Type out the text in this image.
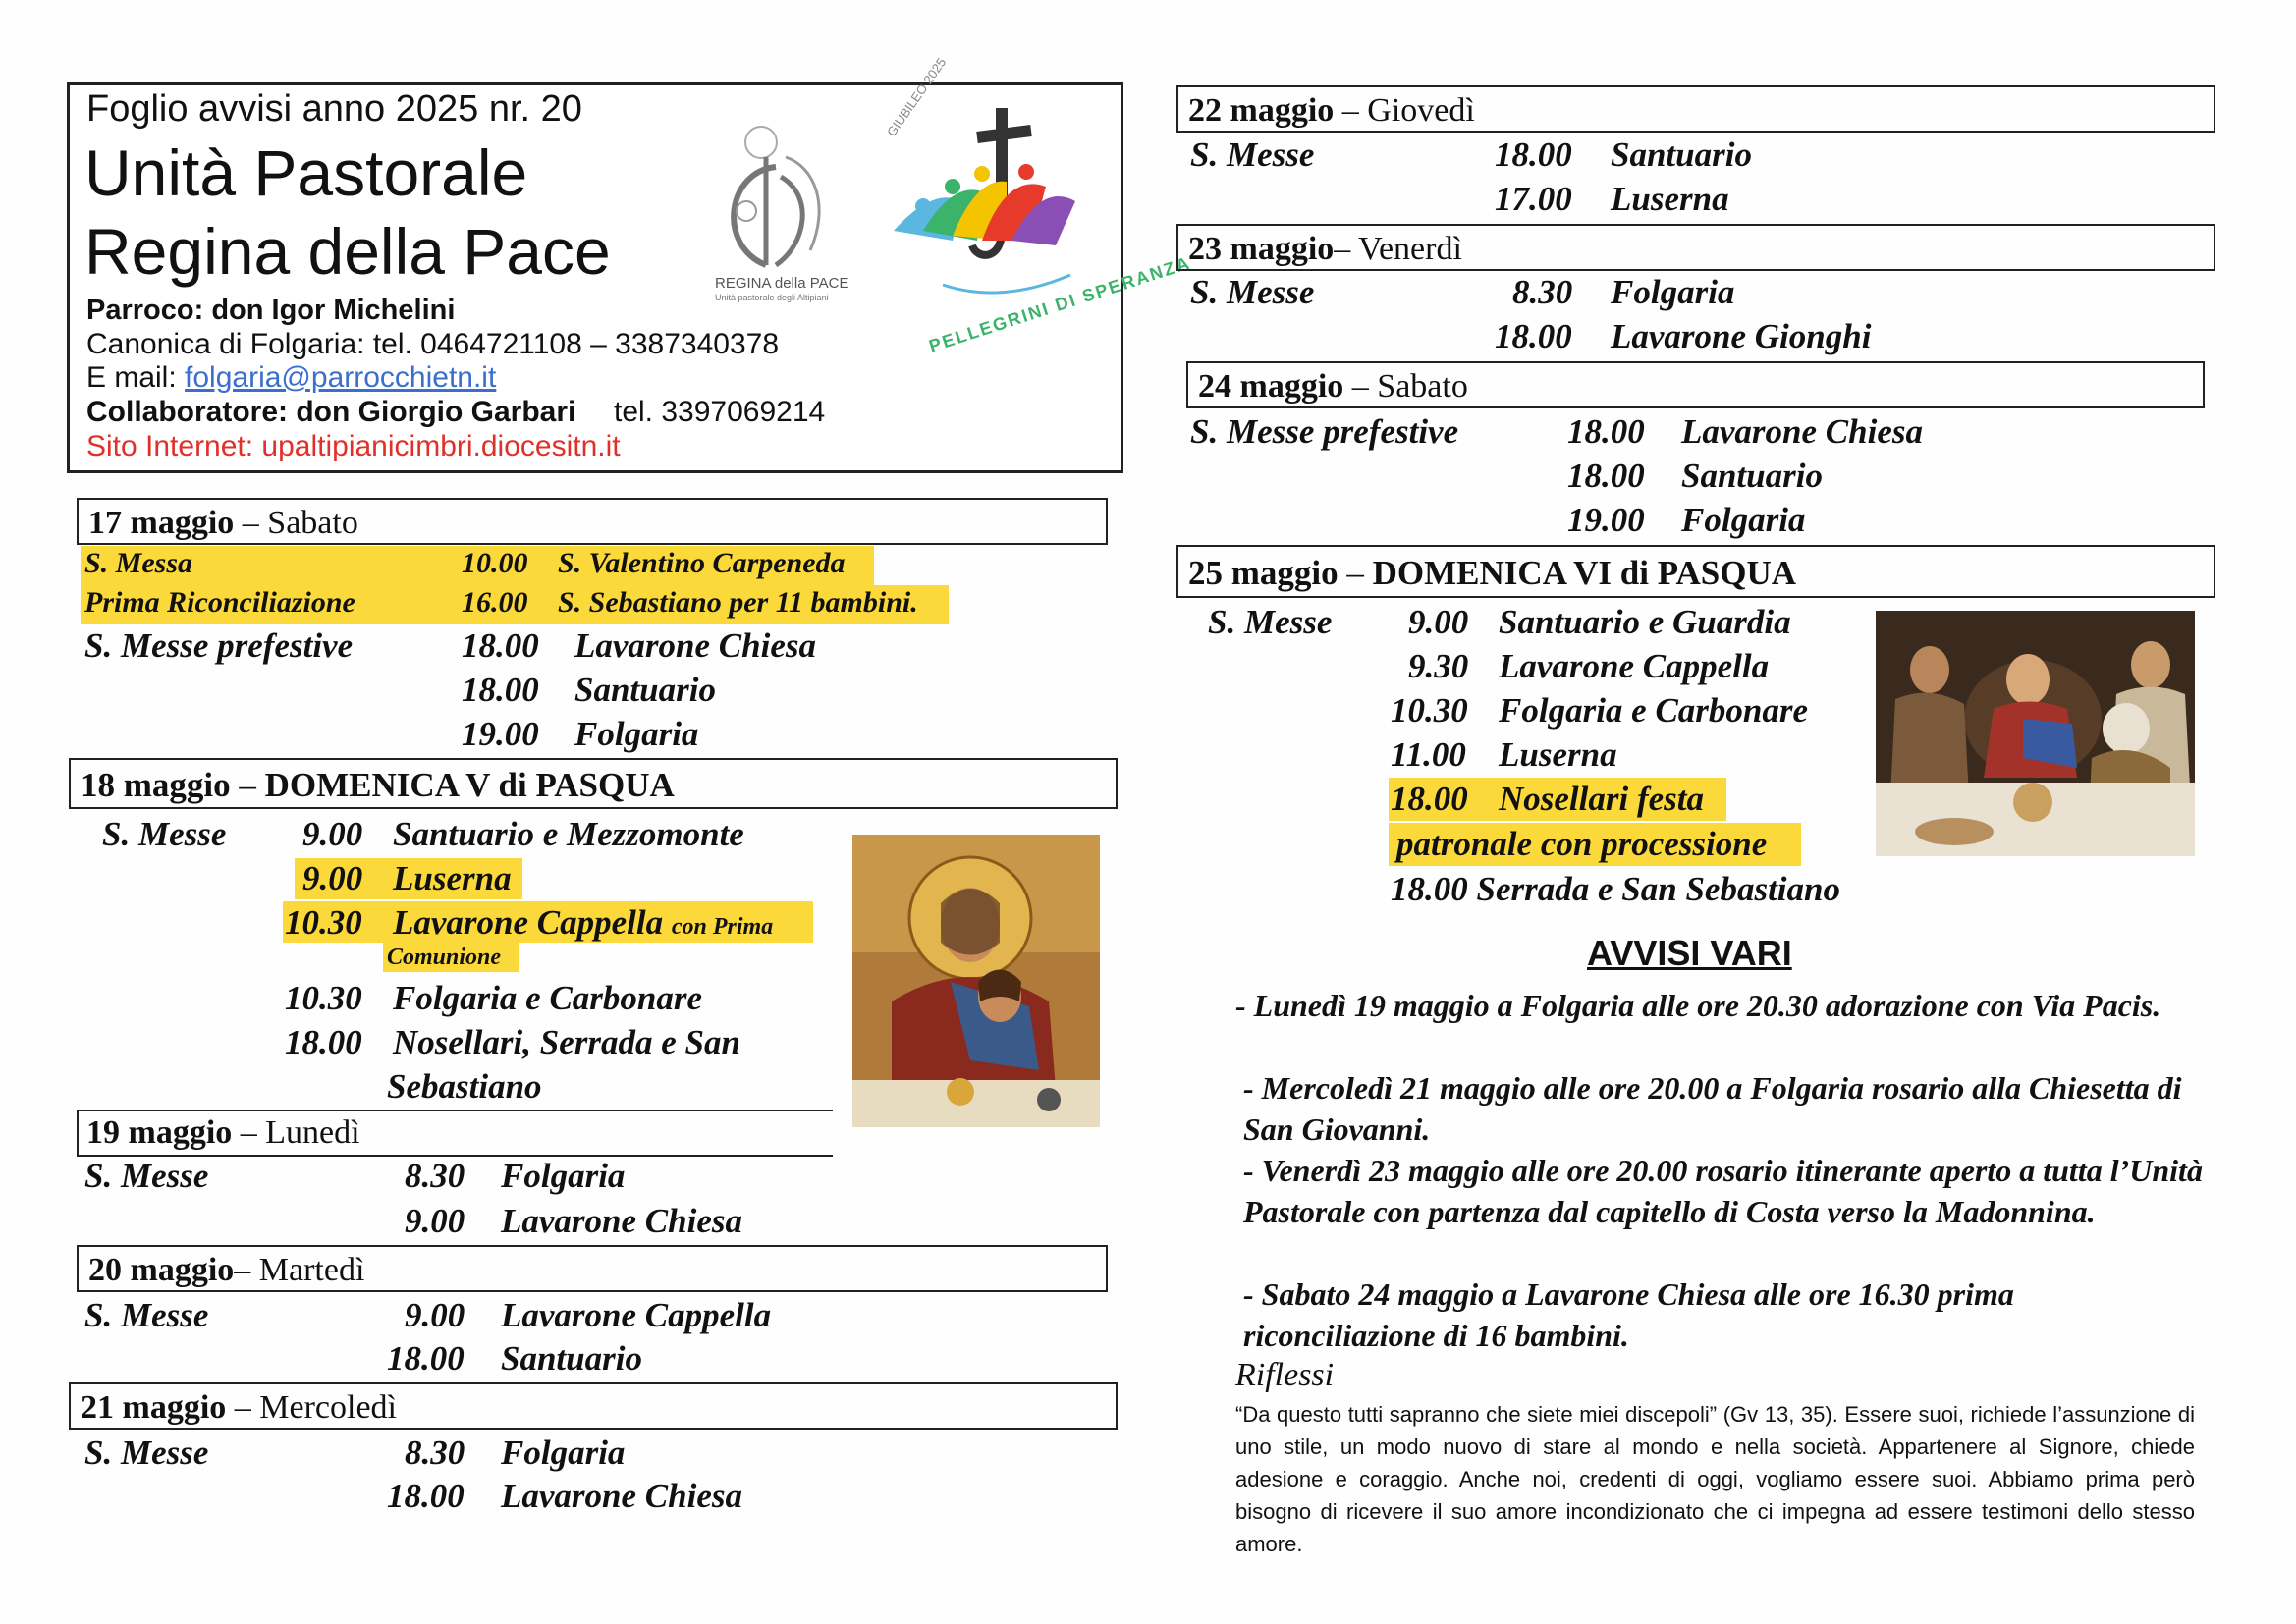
Foglio avvisi anno 2025 nr. 20
Unità Pastorale
Regina della Pace
Parroco: don Igor Michelini
Canonica di Folgaria: tel. 0464721108 – 3387340378
E mail: folgaria@parrocchietn.it
Collaboratore: don Giorgio Garbari tel. 3397069214
Sito Internet: upaltipianicimbri.diocesitn.it
REGINA della PACE
Unità pastorale degli Altipiani
GIUBILEO 2025
PELLEGRINI DI SPERANZA
17 maggio – Sabato
S. Messa	10.00 S. Valentino Carpeneda
Prima Riconciliazione	16.00 S. Sebastiano per 11 bambini.
S. Messe prefestive	18.00 Lavarone Chiesa
18.00 Santuario
19.00 Folgaria
18 maggio – DOMENICA V di PASQUA
S. Messe 9.00 Santuario e Mezzomonte
9.00 Luserna
10.30 Lavarone Cappella con Prima
Comunione
10.30 Folgaria e Carbonare
18.00 Nosellari, Serrada e San
Sebastiano
19 maggio – Lunedì
S. Messe	8.30 Folgaria
9.00 Lavarone Chiesa
20 maggio– Martedì
S. Messe	9.00 Lavarone Cappella
18.00 Santuario
21 maggio – Mercoledì
S. Messe	8.30 Folgaria
18.00 Lavarone Chiesa
22 maggio – Giovedì
S. Messe	18.00 Santuario
17.00 Luserna
23 maggio– Venerdì
S. Messe	8.30 Folgaria
18.00 Lavarone Gionghi
24 maggio – Sabato
S. Messe prefestive	18.00 Lavarone Chiesa
18.00 Santuario
19.00 Folgaria
25 maggio – DOMENICA VI di PASQUA
S. Messe 9.00 Santuario e Guardia
9.30 Lavarone Cappella
10.30 Folgaria e Carbonare
11.00 Luserna
18.00 Nosellari festa
patronale con processione
18.00 Serrada e San Sebastiano
AVVISI VARI
- Lunedì 19 maggio a Folgaria alle ore 20.30 adorazione con Via Pacis.
- Mercoledì 21 maggio alle ore 20.00 a Folgaria rosario alla Chiesetta di San Giovanni.
- Venerdì 23 maggio alle ore 20.00 rosario itinerante aperto a tutta l’Unità Pastorale con partenza dal capitello di Costa verso la Madonnina.
- Sabato 24 maggio a Lavarone Chiesa alle ore 16.30 prima riconciliazione di 16 bambini.
Riflessi
“Da questo tutti sapranno che siete miei discepoli” (Gv 13, 35). Essere suoi, richiede l’assunzione di uno stile, un modo nuovo di stare al mondo e nella società. Appartenere al Signore, chiede adesione e coraggio. Anche noi, credenti di oggi, vogliamo essere suoi. Abbiamo prima però bisogno di ricevere il suo amore incondizionato che ci impegna ad essere testimoni dello stesso amore.
